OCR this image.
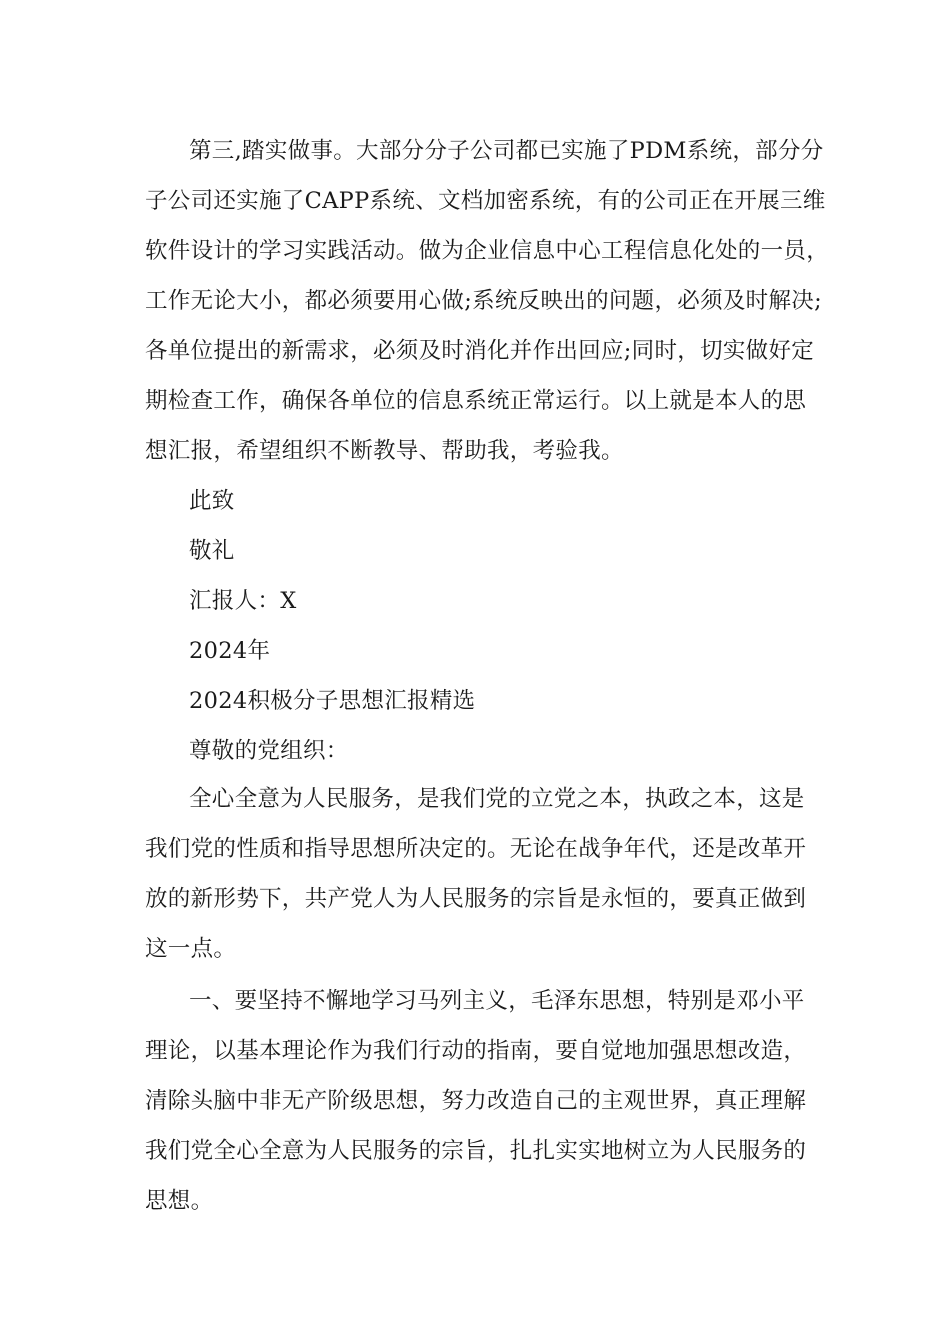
第三,踏实做事。大部分分子公司都已实施了PDM系统，部分分
子公司还实施了CAPP系统、文档加密系统，有的公司正在开展三维
软件设计的学习实践活动。做为企业信息中心工程信息化处的一员，
工作无论大小，都必须要用心做;系统反映出的问题，必须及时解决;
各单位提出的新需求，必须及时消化并作出回应;同时，切实做好定
期检查工作，确保各单位的信息系统正常运行。以上就是本人的思
想汇报，希望组织不断教导、帮助我，考验我。
此致
敬礼
汇报人：X
2024年
2024积极分子思想汇报精选
尊敬的党组织：
全心全意为人民服务，是我们党的立党之本，执政之本，这是
我们党的性质和指导思想所决定的。无论在战争年代，还是改革开
放的新形势下，共产党人为人民服务的宗旨是永恒的，要真正做到
这一点。
一、要坚持不懈地学习马列主义，毛泽东思想，特别是邓小平
理论，以基本理论作为我们行动的指南，要自觉地加强思想改造，
清除头脑中非无产阶级思想，努力改造自己的主观世界，真正理解
我们党全心全意为人民服务的宗旨，扎扎实实地树立为人民服务的
思想。
